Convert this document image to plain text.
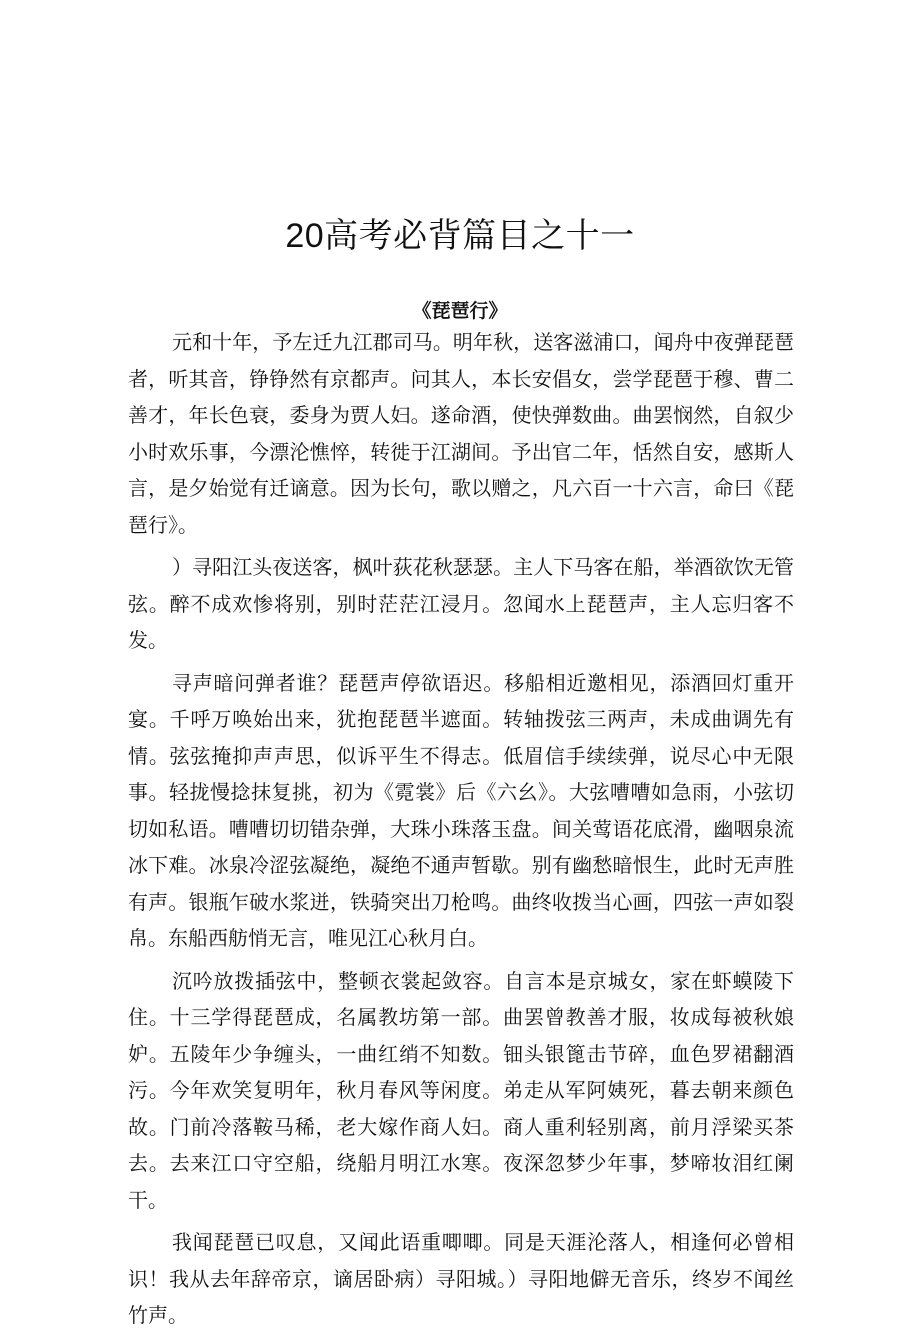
20高考必背篇目之十一
《琵琶行》

元和十年，予左迁九江郡司马。明年秋，送客滋浦口，闻舟中夜弹琵琶者，听其音，铮铮然有京都声。问其人，本长安倡女，尝学琵琶于穆、曹二善才，年长色衰，委身为贾人妇。遂命酒，使快弹数曲。曲罢悯然，自叙少小时欢乐事，今漂沦憔悴，转徙于江湖间。予出官二年，恬然自安，感斯人言，是夕始觉有迁谪意。因为长句，歌以赠之，凡六百一十六言，命曰《琵琶行》。

）寻阳江头夜送客，枫叶荻花秋瑟瑟。主人下马客在船，举酒欲饮无管弦。醉不成欢惨将别，别时茫茫江浸月。忽闻水上琵琶声，主人忘归客不发。

寻声暗问弹者谁？琵琶声停欲语迟。移船相近邀相见，添酒回灯重开宴。千呼万唤始出来，犹抱琵琶半遮面。转轴拨弦三两声，未成曲调先有情。弦弦掩抑声声思，似诉平生不得志。低眉信手续续弹，说尽心中无限事。轻拢慢捻抹复挑，初为《霓裳》后《六幺》。大弦嘈嘈如急雨，小弦切切如私语。嘈嘈切切错杂弹，大珠小珠落玉盘。间关莺语花底滑，幽咽泉流冰下难。冰泉冷涩弦凝绝，凝绝不通声暂歇。别有幽愁暗恨生，此时无声胜有声。银瓶乍破水浆迸，铁骑突出刀枪鸣。曲终收拨当心画，四弦一声如裂帛。东船西舫悄无言，唯见江心秋月白。

沉吟放拨插弦中，整顿衣裳起敛容。自言本是京城女，家在虾蟆陵下住。十三学得琵琶成，名属教坊第一部。曲罢曾教善才服，妆成每被秋娘妒。五陵年少争缠头，一曲红绡不知数。钿头银篦击节碎，血色罗裙翻酒污。今年欢笑复明年，秋月春风等闲度。弟走从军阿姨死，暮去朝来颜色故。门前冷落鞍马稀，老大嫁作商人妇。商人重利轻别离，前月浮梁买茶去。去来江口守空船，绕船月明江水寒。夜深忽梦少年事，梦啼妆泪红阑干。

我闻琵琶已叹息，又闻此语重唧唧。同是天涯沦落人，相逢何必曾相识！我从去年辞帝京，谪居卧病）寻阳城。）寻阳地僻无音乐，终岁不闻丝竹声。
